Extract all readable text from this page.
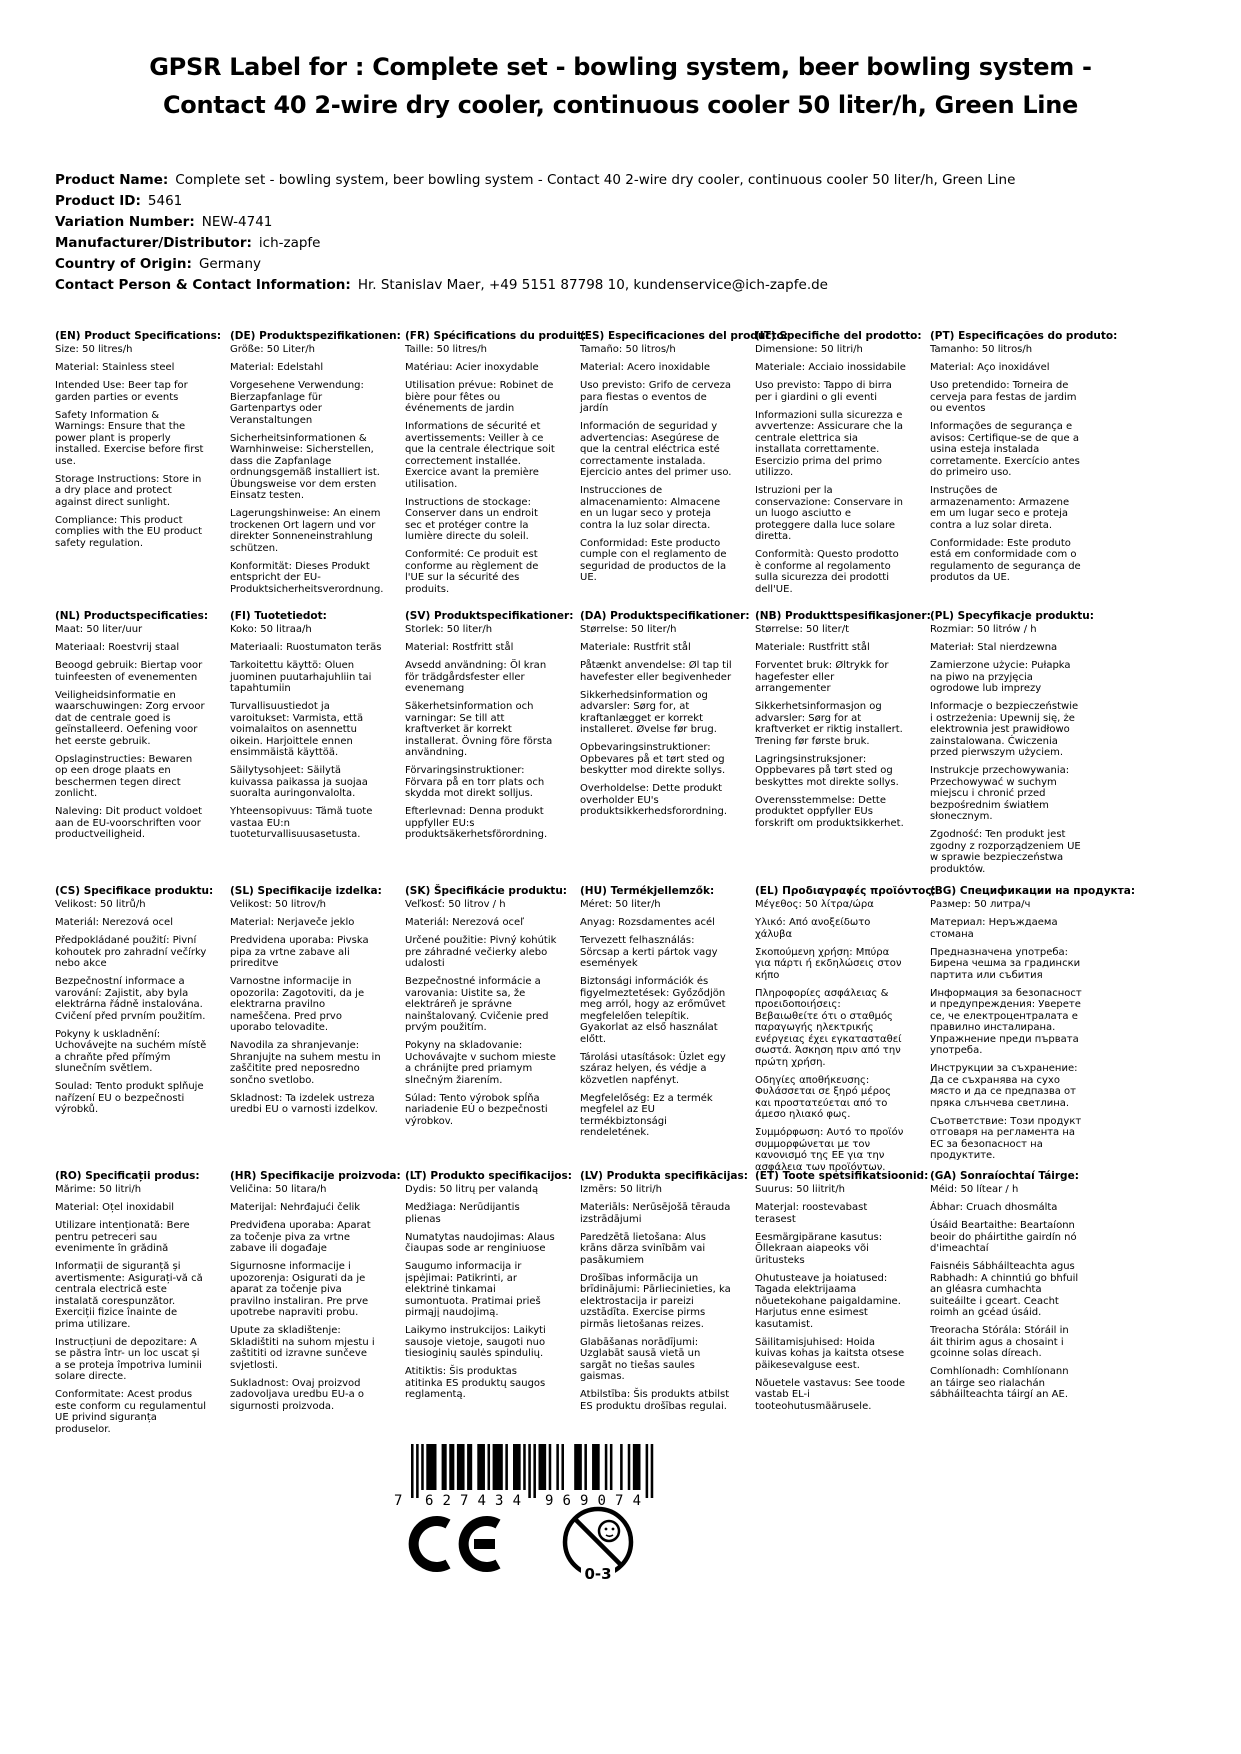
GPSR Label for : Complete set - bowling system, beer bowling system - Contact 40 2-wire dry cooler, continuous cooler 50 liter/h, Green Line
Product Name: Complete set - bowling system, beer bowling system - Contact 40 2-wire dry cooler, continuous cooler 50 liter/h, Green Line
Product ID: 5461
Variation Number: NEW-4741
Manufacturer/Distributor: ich-zapfe
Country of Origin: Germany
Contact Person & Contact Information: Hr. Stanislav Maer, +49 5151 87798 10, kundenservice@ich-zapfe.de
(EN) Product Specifications:

Size: 50 litres/h

Material: Stainless steel

Intended Use: Beer tap for garden parties or events

Safety Information & Warnings: Ensure that the power plant is properly installed. Exercise before first use.

Storage Instructions: Store in a dry place and protect against direct sunlight.

Compliance: This product complies with the EU product safety regulation.

(DE) Produktspezifikationen:

Größe: 50 Liter/h

Material: Edelstahl

Vorgesehene Verwendung: Bierzapfanlage für Gartenpartys oder Veranstaltungen

Sicherheitsinformationen & Warnhinweise: Sicherstellen, dass die Zapfanlage ordnungsgemäß installiert ist. Übungsweise vor dem ersten Einsatz testen.

Lagerungshinweise: An einem trockenen Ort lagern und vor direkter Sonneneinstrahlung schützen.

Konformität: Dieses Produkt entspricht der EU-Produktsicherheitsverordnung.

(FR) Spécifications du produit:

Taille: 50 litres/h

Matériau: Acier inoxydable

Utilisation prévue: Robinet de bière pour fêtes ou événements de jardin

Informations de sécurité et avertissements: Veiller à ce que la centrale électrique soit correctement installée. Exercice avant la première utilisation.

Instructions de stockage: Conserver dans un endroit sec et protéger contre la lumière directe du soleil.

Conformité: Ce produit est conforme au règlement de l'UE sur la sécurité des produits.

(ES) Especificaciones del producto:

Tamaño: 50 litros/h

Material: Acero inoxidable

Uso previsto: Grifo de cerveza para fiestas o eventos de jardín

Información de seguridad y advertencias: Asegúrese de que la central eléctrica esté correctamente instalada. Ejercicio antes del primer uso.

Instrucciones de almacenamiento: Almacene en un lugar seco y proteja contra la luz solar directa.

Conformidad: Este producto cumple con el reglamento de seguridad de productos de la UE.

(IT) Specifiche del prodotto:

Dimensione: 50 litri/h

Materiale: Acciaio inossidabile

Uso previsto: Tappo di birra per i giardini o gli eventi

Informazioni sulla sicurezza e avvertenze: Assicurare che la centrale elettrica sia installata correttamente. Esercizio prima del primo utilizzo.

Istruzioni per la conservazione: Conservare in un luogo asciutto e proteggere dalla luce solare diretta.

Conformità: Questo prodotto è conforme al regolamento sulla sicurezza dei prodotti dell'UE.

(PT) Especificações do produto:

Tamanho: 50 litros/h

Material: Aço inoxidável

Uso pretendido: Torneira de cerveja para festas de jardim ou eventos

Informações de segurança e avisos: Certifique-se de que a usina esteja instalada corretamente. Exercício antes do primeiro uso.

Instruções de armazenamento: Armazene em um lugar seco e proteja contra a luz solar direta.

Conformidade: Este produto está em conformidade com o regulamento de segurança de produtos da UE.

(NL) Productspecificaties:

Maat: 50 liter/uur

Materiaal: Roestvrij staal

Beoogd gebruik: Biertap voor tuinfeesten of evenementen

Veiligheidsinformatie en waarschuwingen: Zorg ervoor dat de centrale goed is geïnstalleerd. Oefening voor het eerste gebruik.

Opslaginstructies: Bewaren op een droge plaats en beschermen tegen direct zonlicht.

Naleving: Dit product voldoet aan de EU-voorschriften voor productveiligheid.

(FI) Tuotetiedot:

Koko: 50 litraa/h

Materiaali: Ruostumaton teräs

Tarkoitettu käyttö: Oluen juominen puutarhajuhliin tai tapahtumiin

Turvallisuustiedot ja varoitukset: Varmista, että voimalaitos on asennettu oikein. Harjoittele ennen ensimmäistä käyttöä.

Säilytysohjeet: Säilytä kuivassa paikassa ja suojaa suoralta auringonvalolta.

Yhteensopivuus: Tämä tuote vastaa EU:n tuoteturvallisuusasetusta.

(SV) Produktspecifikationer:

Storlek: 50 liter/h

Material: Rostfritt stål

Avsedd användning: Öl kran för trädgårdsfester eller evenemang

Säkerhetsinformation och varningar: Se till att kraftverket är korrekt installerat. Övning före första användning.

Förvaringsinstruktioner: Förvara på en torr plats och skydda mot direkt solljus.

Efterlevnad: Denna produkt uppfyller EU:s produktsäkerhetsförordning.

(DA) Produktspecifikationer:

Størrelse: 50 liter/h

Materiale: Rustfrit stål

Påtænkt anvendelse: Øl tap til havefester eller begivenheder

Sikkerhedsinformation og advarsler: Sørg for, at kraftanlægget er korrekt installeret. Øvelse før brug.

Opbevaringsinstruktioner: Opbevares på et tørt sted og beskytter mod direkte sollys.

Overholdelse: Dette produkt overholder EU's produktsikkerhedsforordning.

(NB) Produkttspesifikasjoner:

Størrelse: 50 liter/t

Materiale: Rustfritt stål

Forventet bruk: Øltrykk for hagefester eller arrangementer

Sikkerhetsinformasjon og advarsler: Sørg for at kraftverket er riktig installert. Trening før første bruk.

Lagringsinstruksjoner: Oppbevares på tørt sted og beskyttes mot direkte sollys.

Overensstemmelse: Dette produktet oppfyller EUs forskrift om produktsikkerhet.

(PL) Specyfikacje produktu:

Rozmiar: 50 litrów / h

Materiał: Stal nierdzewna

Zamierzone użycie: Pułapka na piwo na przyjęcia ogrodowe lub imprezy

Informacje o bezpieczeństwie i ostrzeżenia: Upewnij się, że elektrownia jest prawidłowo zainstalowana. Ćwiczenia przed pierwszym użyciem.

Instrukcje przechowywania: Przechowywać w suchym miejscu i chronić przed bezpośrednim światłem słonecznym.

Zgodność: Ten produkt jest zgodny z rozporządzeniem UE w sprawie bezpieczeństwa produktów.

(CS) Specifikace produktu:

Velikost: 50 litrů/h

Materiál: Nerezová ocel

Předpokládané použití: Pivní kohoutek pro zahradní večírky nebo akce

Bezpečnostní informace a varování: Zajistit, aby byla elektrárna řádně instalována. Cvičení před prvním použitím.

Pokyny k uskladnění: Uchovávejte na suchém místě a chraňte před přímým slunečním světlem.

Soulad: Tento produkt splňuje nařízení EU o bezpečnosti výrobků.

(SL) Specifikacije izdelka:

Velikost: 50 litrov/h

Material: Nerjaveče jeklo

Predvidena uporaba: Pivska pipa za vrtne zabave ali prireditve

Varnostne informacije in opozorila: Zagotoviti, da je elektrarna pravilno nameščena. Pred prvo uporabo telovadite.

Navodila za shranjevanje: Shranjujte na suhem mestu in zaščitite pred neposredno sončno svetlobo.

Skladnost: Ta izdelek ustreza uredbi EU o varnosti izdelkov.

(SK) Špecifikácie produktu:

Veľkosť: 50 litrov / h

Materiál: Nerezová oceľ

Určené použitie: Pivný kohútik pre záhradné večierky alebo udalosti

Bezpečnostné informácie a varovania: Uistite sa, že elektráreň je správne nainštalovaný. Cvičenie pred prvým použitím.

Pokyny na skladovanie: Uchovávajte v suchom mieste a chránijte pred priamym slnečným žiarením.

Súlad: Tento výrobok spĺňa nariadenie EÚ o bezpečnosti výrobkov.

(HU) Termékjellemzők:

Méret: 50 liter/h

Anyag: Rozsdamentes acél

Tervezett felhasználás: Sörcsap a kerti pártok vagy események

Biztonsági információk és figyelmeztetések: Győződjön meg arról, hogy az erőművet megfelelően telepítik. Gyakorlat az első használat előtt.

Tárolási utasítások: Üzlet egy száraz helyen, és védje a közvetlen napfényt.

Megfelelőség: Ez a termék megfelel az EU termékbiztonsági rendeletének.

(EL) Προδιαγραφές προϊόντος:

Μέγεθος: 50 λίτρα/ώρα

Υλικό: Από ανοξείδωτο χάλυβα

Σκοπούμενη χρήση: Μπύρα για πάρτι ή εκδηλώσεις στον κήπο

Πληροφορίες ασφάλειας & προειδοποιήσεις: Βεβαιωθείτε ότι ο σταθμός παραγωγής ηλεκτρικής ενέργειας έχει εγκατασταθεί σωστά. Άσκηση πριν από την πρώτη χρήση.

Οδηγίες αποθήκευσης: Φυλάσσεται σε ξηρό μέρος και προστατεύεται από το άμεσο ηλιακό φως.

Συμμόρφωση: Αυτό το προϊόν συμμορφώνεται με τον κανονισμό της ΕΕ για την ασφάλεια των προϊόντων.

(BG) Спецификации на продукта:

Размер: 50 литра/ч

Материал: Неръждаема стомана

Предназначена употреба: Бирена чешма за градински партита или събития

Информация за безопасност и предупреждения: Уверете се, че електроцентралата е правилно инсталирана. Упражнение преди първата употреба.

Инструкции за съхранение: Да се съхранява на сухо място и да се предпазва от пряка слънчева светлина.

Съответствие: Този продукт отговаря на регламента на ЕС за безопасност на продуктите.

(RO) Specificații produs:

Mărime: 50 litri/h

Material: Oțel inoxidabil

Utilizare intenționată: Bere pentru petreceri sau evenimente în grădină

Informații de siguranță și avertismente: Asigurați-vă că centrala electrică este instalată corespunzător. Exerciții fizice înainte de prima utilizare.

Instrucțiuni de depozitare: A se păstra într- un loc uscat și a se proteja împotriva luminii solare directe.

Conformitate: Acest produs este conform cu regulamentul UE privind siguranța produselor.

(HR) Specifikacije proizvoda:

Veličina: 50 litara/h

Materijal: Nehrđajući čelik

Predviđena uporaba: Aparat za točenje piva za vrtne zabave ili događaje

Sigurnosne informacije i upozorenja: Osigurati da je aparat za točenje piva pravilno instaliran. Pre prve upotrebe napraviti probu.

Upute za skladištenje: Skladištiti na suhom mjestu i zaštititi od izravne sunčeve svjetlosti.

Sukladnost: Ovaj proizvod zadovoljava uredbu EU-a o sigurnosti proizvoda.

(LT) Produkto specifikacijos:

Dydis: 50 litrų per valandą

Medžiaga: Nerūdijantis plienas

Numatytas naudojimas: Alaus čiaupas sode ar renginiuose

Saugumo informacija ir įspėjimai: Patikrinti, ar elektrinė tinkamai sumontuota. Pratimai prieš pirmąjį naudojimą.

Laikymo instrukcijos: Laikyti sausoje vietoje, saugoti nuo tiesioginių saulės spindulių.

Atitiktis: Šis produktas atitinka ES produktų saugos reglamentą.

(LV) Produkta specifikācijas:

Izmērs: 50 litri/h

Materiāls: Nerūsējošā tērauda izstrādājumi

Paredzētā lietošana: Alus krāns dārza svinībām vai pasākumiem

Drošības informācija un brīdinājumi: Pārliecinieties, ka elektrostacija ir pareizi uzstādīta. Exercise pirms pirmās lietošanas reizes.

Glabāšanas norādījumi: Uzglabāt sausā vietā un sargāt no tiešas saules gaismas.

Atbilstība: Šis produkts atbilst ES produktu drošības regulai.

(ET) Toote spetsifikatsioonid:

Suurus: 50 liitrit/h

Materjal: roostevabast terasest

Eesmärgipärane kasutus: Õllekraan aiapeoks või üritusteks

Ohutusteave ja hoiatused: Tagada elektrijaama nõuetekohane paigaldamine. Harjutus enne esimest kasutamist.

Säilitamisjuhised: Hoida kuivas kohas ja kaitsta otsese päikesevalguse eest.

Nõuetele vastavus: See toode vastab EL-i tooteohutusmäärusele.

(GA) Sonraíochtaí Táirge:

Méid: 50 lítear / h

Ábhar: Cruach dhosmálta

Úsáid Beartaithe: Beartaíonn beoir do pháirtithe gairdín nó d'imeachtaí

Faisnéis Sábháilteachta agus Rabhadh: A chinntiú go bhfuil an gléasra cumhachta suiteáilte i gceart. Ceacht roimh an gcéad úsáid.

Treoracha Stórála: Stóráil in áit thirim agus a chosaint i gcoinne solas díreach.

Comhlíonadh: Comhlíonann an táirge seo rialachán sábháilteachta táirgí an AE.

7 627434 969074
0-3
